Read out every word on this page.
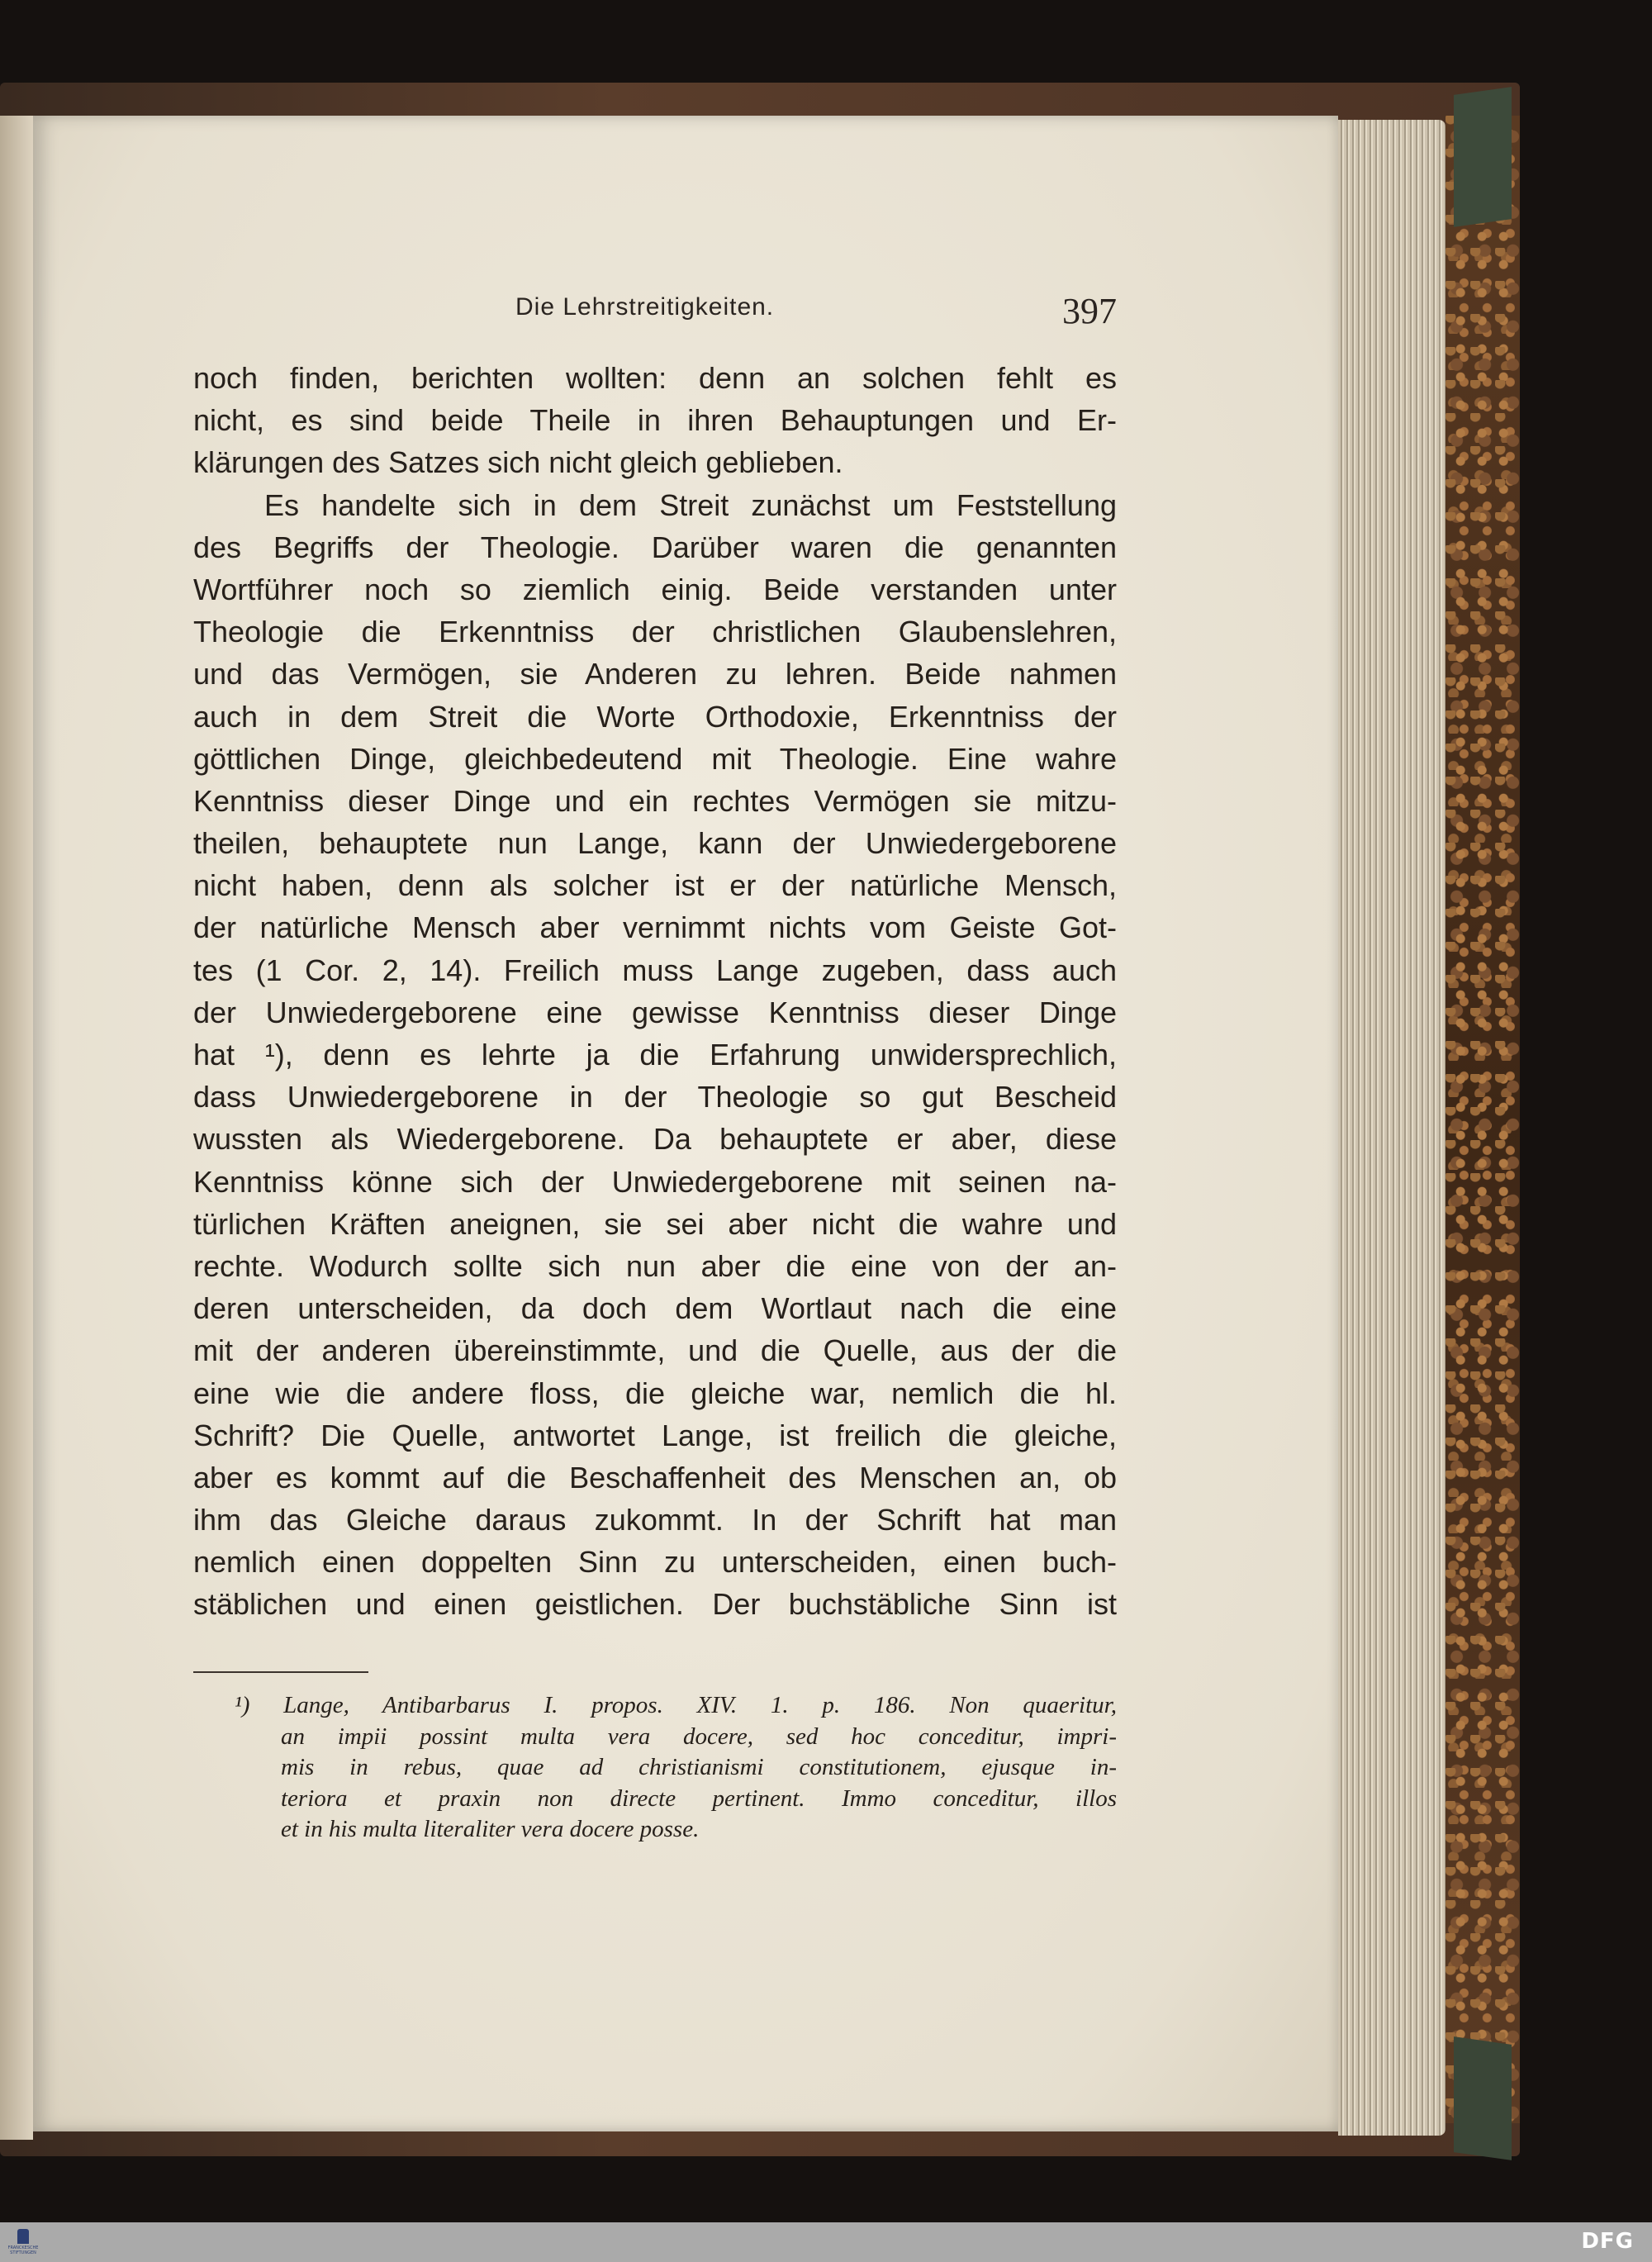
Die Lehrstreitigkeiten.	397
noch finden, berichten wollten: denn an solchen fehlt es
nicht, es sind beide Theile in ihren Behauptungen und Er-
klärungen des Satzes sich nicht gleich geblieben.
Es handelte sich in dem Streit zunächst um Feststellung
des Begriffs der Theologie. Darüber waren die genannten
Wortführer noch so ziemlich einig. Beide verstanden unter
Theologie die Erkenntniss der christlichen Glaubenslehren,
und das Vermögen, sie Anderen zu lehren. Beide nahmen
auch in dem Streit die Worte Orthodoxie, Erkenntniss der
göttlichen Dinge, gleichbedeutend mit Theologie. Eine wahre
Kenntniss dieser Dinge und ein rechtes Vermögen sie mitzu-
theilen, behauptete nun Lange, kann der Unwiedergeborene
nicht haben, denn als solcher ist er der natürliche Mensch,
der natürliche Mensch aber vernimmt nichts vom Geiste Got-
tes (1 Cor. 2, 14). Freilich muss Lange zugeben, dass auch
der Unwiedergeborene eine gewisse Kenntniss dieser Dinge
hat ¹), denn es lehrte ja die Erfahrung unwidersprechlich,
dass Unwiedergeborene in der Theologie so gut Bescheid
wussten als Wiedergeborene. Da behauptete er aber, diese
Kenntniss könne sich der Unwiedergeborene mit seinen na-
türlichen Kräften aneignen, sie sei aber nicht die wahre und
rechte. Wodurch sollte sich nun aber die eine von der an-
deren unterscheiden, da doch dem Wortlaut nach die eine
mit der anderen übereinstimmte, und die Quelle, aus der die
eine wie die andere floss, die gleiche war, nemlich die hl.
Schrift? Die Quelle, antwortet Lange, ist freilich die gleiche,
aber es kommt auf die Beschaffenheit des Menschen an, ob
ihm das Gleiche daraus zukommt. In der Schrift hat man
nemlich einen doppelten Sinn zu unterscheiden, einen buch-
stäblichen und einen geistlichen. Der buchstäbliche Sinn ist
¹) Lange, Antibarbarus I. propos. XIV. 1. p. 186. Non quaeritur,
an impii possint multa vera docere, sed hoc conceditur, impri-
mis in rebus, quae ad christianismi constitutionem, ejusque in-
teriora et praxin non directe pertinent. Immo conceditur, illos
et in his multa literaliter vera docere posse.
FRANCKESCHE STIFTUNGEN	DFG
